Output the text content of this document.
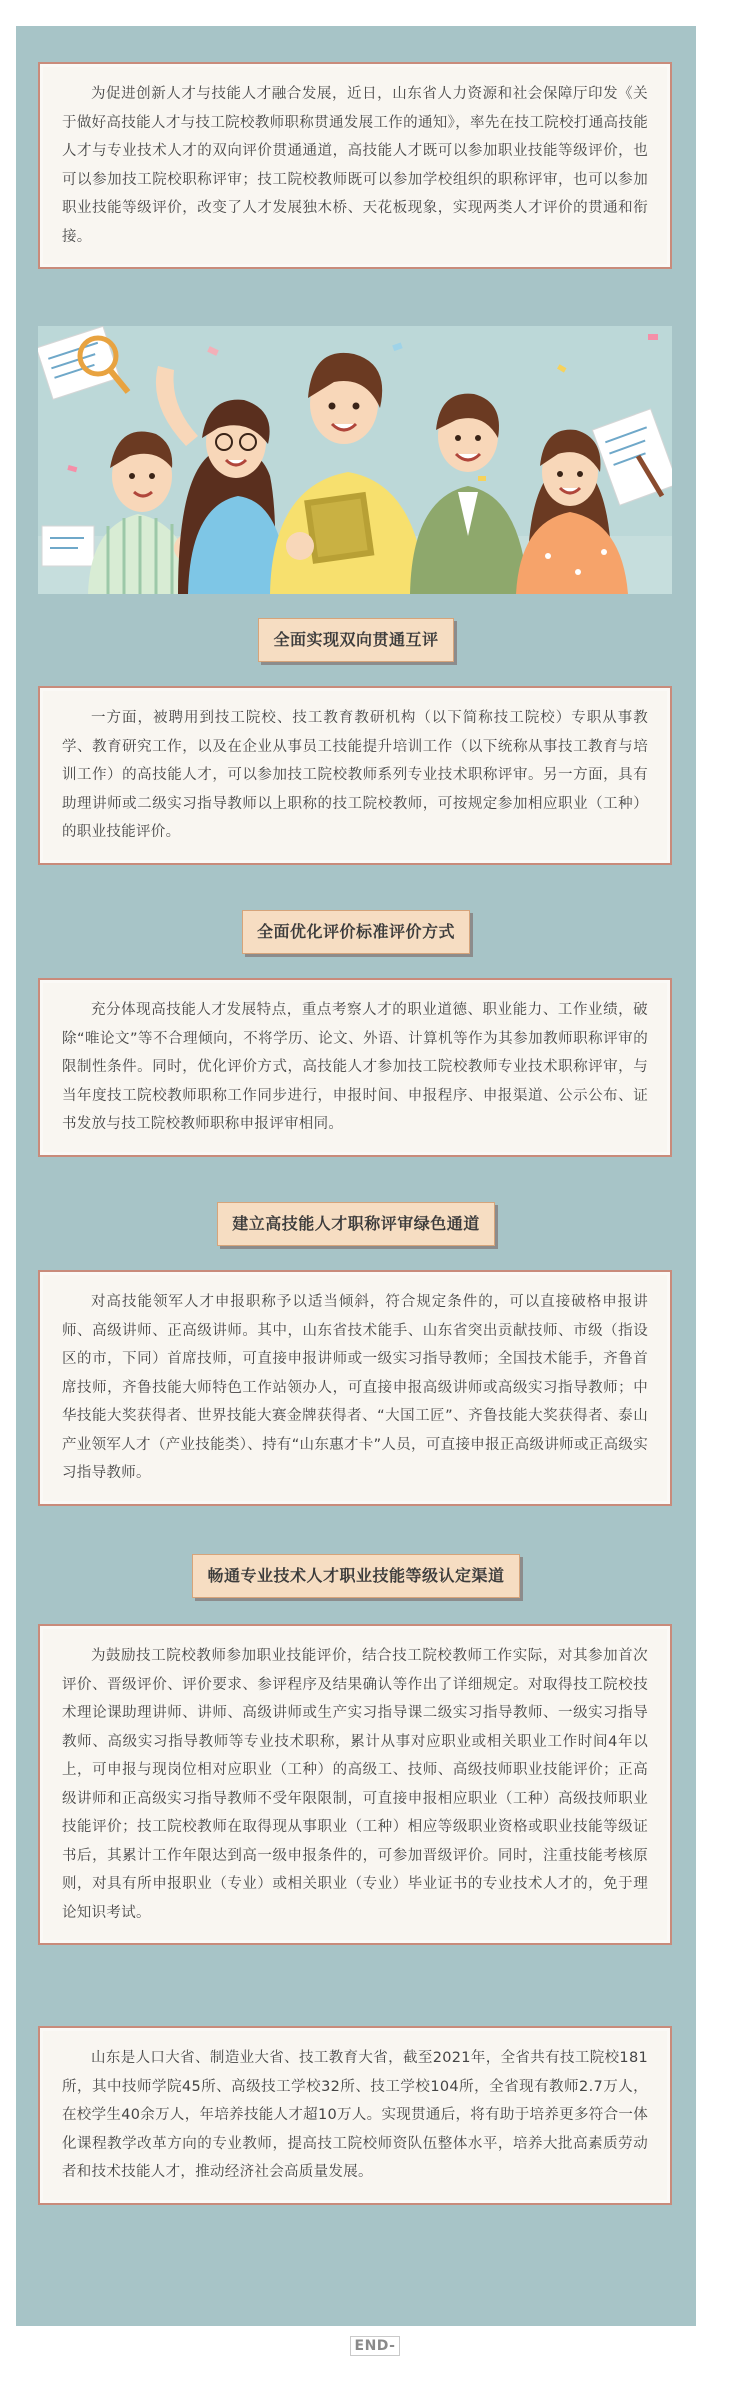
为促进创新人才与技能人才融合发展，近日，山东省人力资源和社会保障厅印发《关于做好高技能人才与技工院校教师职称贯通发展工作的通知》，率先在技工院校打通高技能人才与专业技术人才的双向评价贯通通道，高技能人才既可以参加职业技能等级评价，也可以参加技工院校职称评审；技工院校教师既可以参加学校组织的职称评审，也可以参加职业技能等级评价，改变了人才发展独木桥、天花板现象，实现两类人才评价的贯通和衔接。

全面实现双向贯通互评

一方面，被聘用到技工院校、技工教育教研机构（以下简称技工院校）专职从事教学、教育研究工作，以及在企业从事员工技能提升培训工作（以下统称从事技工教育与培训工作）的高技能人才，可以参加技工院校教师系列专业技术职称评审。另一方面，具有助理讲师或二级实习指导教师以上职称的技工院校教师，可按规定参加相应职业（工种）的职业技能评价。

全面优化评价标准评价方式

充分体现高技能人才发展特点，重点考察人才的职业道德、职业能力、工作业绩，破除“唯论文”等不合理倾向，不将学历、论文、外语、计算机等作为其参加教师职称评审的限制性条件。同时，优化评价方式，高技能人才参加技工院校教师专业技术职称评审，与当年度技工院校教师职称工作同步进行，申报时间、申报程序、申报渠道、公示公布、证书发放与技工院校教师职称申报评审相同。

建立高技能人才职称评审绿色通道

对高技能领军人才申报职称予以适当倾斜，符合规定条件的，可以直接破格申报讲师、高级讲师、正高级讲师。其中，山东省技术能手、山东省突出贡献技师、市级（指设区的市，下同）首席技师，可直接申报讲师或一级实习指导教师；全国技术能手，齐鲁首席技师，齐鲁技能大师特色工作站领办人，可直接申报高级讲师或高级实习指导教师；中华技能大奖获得者、世界技能大赛金牌获得者、“大国工匠”、齐鲁技能大奖获得者、泰山产业领军人才（产业技能类）、持有“山东惠才卡”人员，可直接申报正高级讲师或正高级实习指导教师。

畅通专业技术人才职业技能等级认定渠道

为鼓励技工院校教师参加职业技能评价，结合技工院校教师工作实际，对其参加首次评价、晋级评价、评价要求、参评程序及结果确认等作出了详细规定。对取得技工院校技术理论课助理讲师、讲师、高级讲师或生产实习指导课二级实习指导教师、一级实习指导教师、高级实习指导教师等专业技术职称，累计从事对应职业或相关职业工作时间4年以上，可申报与现岗位相对应职业（工种）的高级工、技师、高级技师职业技能评价；正高级讲师和正高级实习指导教师不受年限限制，可直接申报相应职业（工种）高级技师职业技能评价；技工院校教师在取得现从事职业（工种）相应等级职业资格或职业技能等级证书后，其累计工作年限达到高一级申报条件的，可参加晋级评价。同时，注重技能考核原则，对具有所申报职业（专业）或相关职业（专业）毕业证书的专业技术人才的，免于理论知识考试。

山东是人口大省、制造业大省、技工教育大省，截至2021年，全省共有技工院校181所，其中技师学院45所、高级技工学校32所、技工学校104所，全省现有教师2.7万人，在校学生40余万人，年培养技能人才超10万人。实现贯通后，将有助于培养更多符合一体化课程教学改革方向的专业教师，提高技工院校师资队伍整体水平，培养大批高素质劳动者和技术技能人才，推动经济社会高质量发展。

END-
